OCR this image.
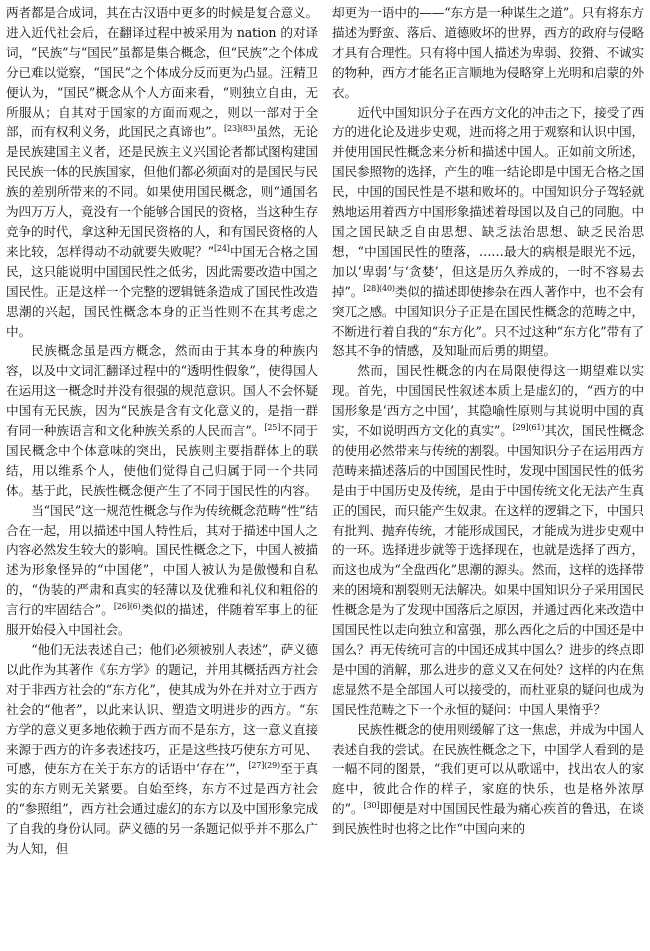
两者都是合成词，其在古汉语中更多的时候是复合意义。进入近代社会后，在翻译过程中被采用为 nation 的对译词，“民族”与“国民”虽都是集合概念，但“民族”之个体成分已难以觉察，“国民”之个体成分反而更为凸显。汪精卫便认为，“国民”概念从个人方面来看，“则独立自由，无所服从；自其对于国家的方面而观之，则以一部对于全部，而有权利义务，此国民之真谛也”。$^{[23](83)}$虽然，无论是民族建国主义者，还是民族主义兴国论者都试图构建国民民族一体的民族国家，但他们都必须面对的是国民与民族的差别所带来的不同。如果使用国民概念，则“通国名为四万万人，竟没有一个能够合国民的资格，当这种生存竞争的时代，拿这种无国民资格的人，和有国民资格的人来比较，怎样得动不动就要失败呢？”[24]中国无合格之国民，这只能说明中国国民性之低劣，因此需要改造中国之国民性。正是这样一个完整的逻辑链条造成了国民性改造思潮的兴起，国民性概念本身的正当性则不在其考虑之中。

民族概念虽是西方概念，然而由于其本身的种族内容，以及中文词汇翻译过程中的“透明性假象”，使得国人在运用这一概念时并没有很强的规范意识。国人不会怀疑中国有无民族，因为“民族是含有文化意义的，是指一群有同一种族语言和文化种族关系的人民而言”。[25]不同于国民概念中个体意味的突出，民族则主要指群体上的联结，用以维系个人，使他们觉得自己归属于同一个共同体。基于此，民族性概念便产生了不同于国民性的内容。

当“国民”这一规范性概念与作为传统概念范畴“性”结合在一起，用以描述中国人特性后，其对于描述中国人之内容必然发生较大的影响。国民性概念之下，中国人被描述为形象怪异的“中国佬”，中国人被认为是傲慢和自私的，“伪装的严肃和真实的轻薄以及优雅和礼仪和粗俗的言行的牢固结合”。$^{[26](6)}$类似的描述，伴随着军事上的征服开始侵入中国社会。

“他们无法表述自己；他们必须被别人表述”，萨义德以此作为其著作《东方学》的题记，并用其概括西方社会对于非西方社会的“东方化”，使其成为外在并对立于西方社会的“他者”，以此来认识、塑造文明进步的西方。“东方学的意义更多地依赖于西方而不是东方，这一意义直接来源于西方的许多表述技巧，正是这些技巧使东方可见、可感，使东方在关于东方的话语中‘存在’”，$^{[27](29)}$至于真实的东方则无关紧要。自始至终，东方不过是西方社会的“参照组”，西方社会通过虚幻的东方以及中国形象完成了自我的身份认同。萨义德的另一条题记似乎并不那么广为人知，但

却更为一语中的——“东方是一种谋生之道”。只有将东方描述为野蛮、落后、道德败坏的世界，西方的政府与侵略才具有合理性。只有将中国人描述为卑弱、狡猾、不诚实的物种，西方才能名正言顺地为侵略穿上光明和启蒙的外衣。

近代中国知识分子在西方文化的冲击之下，接受了西方的进化论及进步史观，进而将之用于观察和认识中国，并使用国民性概念来分析和描述中国人。正如前文所述，国民参照物的选择，产生的唯一结论即是中国无合格之国民，中国的国民性是不堪和败坏的。中国知识分子驾轻就熟地运用着西方中国形象描述着母国以及自己的同胞。中国之国民缺乏自由思想、缺乏法治思想、缺乏民治思想，“中国国民性的堕落，……最大的病根是眼光不远，加以‘卑弱’与‘贪婪’，但这是历久养成的，一时不容易去掉”。$^{[28](40)}$类似的描述即使掺杂在西人著作中，也不会有突兀之感。中国知识分子正是在国民性概念的范畴之中，不断进行着自我的“东方化”。只不过这种“东方化”带有了怒其不争的情感，及知耻而后勇的期望。

然而，国民性概念的内在局限使得这一期望难以实现。首先，中国国民性叙述本质上是虚幻的，“西方的中国形象是‘西方之中国’，其隐喻性原则与其说明中国的真实，不如说明西方文化的真实”。$^{[29](61)}$其次，国民性概念的使用必然带来与传统的割裂。中国知识分子在运用西方范畴来描述落后的中国国民性时，发现中国国民性的低劣是由于中国历史及传统，是由于中国传统文化无法产生真正的国民，而只能产生奴隶。在这样的逻辑之下，中国只有批判、抛弃传统，才能形成国民，才能成为进步史观中的一环。选择进步就等于选择现在，也就是选择了西方，而这也成为“全盘西化”思潮的源头。然而，这样的选择带来的困境和割裂则无法解决。如果中国知识分子采用国民性概念是为了发现中国落后之原因，并通过西化来改造中国国民性以走向独立和富强，那么西化之后的中国还是中国么？再无传统可言的中国还成其中国么？进步的终点即是中国的消解，那么进步的意义又在何处？这样的内在焦虑显然不是全部国人可以接受的，而杜亚泉的疑问也成为国民性范畴之下一个永恒的疑问：中国人果惰乎？

民族性概念的使用则缓解了这一焦虑，并成为中国人表述自我的尝试。在民族性概念之下，中国学人看到的是一幅不同的图景，“我们更可以从歌谣中，找出农人的家庭中，彼此合作的样子，家庭的快乐，也是格外浓厚的”。[30]即便是对中国国民性最为痛心疾首的鲁迅，在谈到民族性时也将之比作“中国向来的
